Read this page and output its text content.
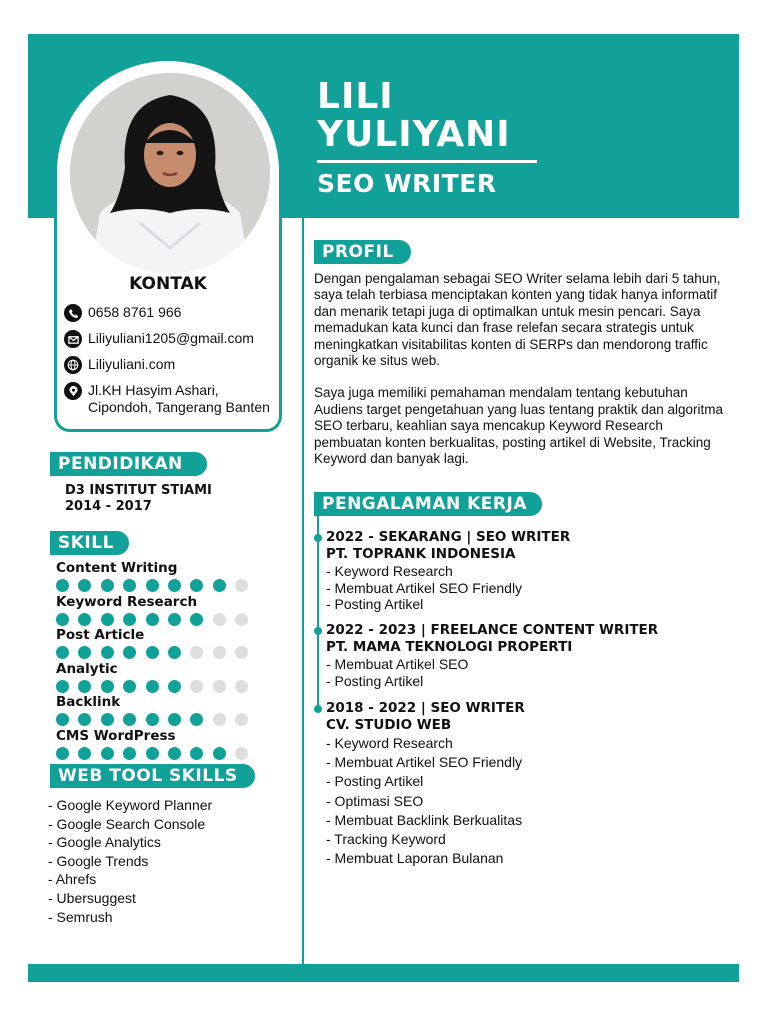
LILI
YULIYANI
SEO WRITER
KONTAK
0658 8761 966
Liliyuliani1205@gmail.com
Liliyuliani.com
Jl.KH Hasyim Ashari, Cipondoh, Tangerang Banten
PENDIDIKAN
D3 INSTITUT STIAMI
2014 - 2017
SKILL
Content Writing
Keyword Research
Post Article
Analytic
Backlink
CMS WordPress
WEB TOOL SKILLS
- Google Keyword Planner
- Google Search Console
- Google Analytics
- Google Trends
- Ahrefs
- Ubersuggest
- Semrush
PROFIL

Dengan pengalaman sebagai SEO Writer selama lebih dari 5 tahun, saya telah terbiasa menciptakan konten yang tidak hanya informatif dan menarik tetapi juga di optimalkan untuk mesin pencari. Saya memadukan kata kunci dan frase relefan secara strategis untuk meningkatkan visitabilitas konten di SERPs dan mendorong traffic organik ke situs web.

Saya juga memiliki pemahaman mendalam tentang kebutuhan Audiens target pengetahuan yang luas tentang praktik dan algoritma SEO terbaru, keahlian saya mencakup Keyword Research pembuatan konten berkualitas, posting artikel di Website, Tracking Keyword dan banyak lagi.

PENGALAMAN KERJA
2022 - SEKARANG | SEO WRITER
PT. TOPRANK INDONESIA
- Keyword Research
- Membuat Artikel SEO Friendly
- Posting Artikel
2022 - 2023 | FREELANCE CONTENT WRITER
PT. MAMA TEKNOLOGI PROPERTI
- Membuat Artikel SEO
- Posting Artikel
2018 - 2022 | SEO WRITER
CV. STUDIO WEB
- Keyword Research
- Membuat Artikel SEO Friendly
- Posting Artikel
- Optimasi SEO
- Membuat Backlink Berkualitas
- Tracking Keyword
- Membuat Laporan Bulanan
